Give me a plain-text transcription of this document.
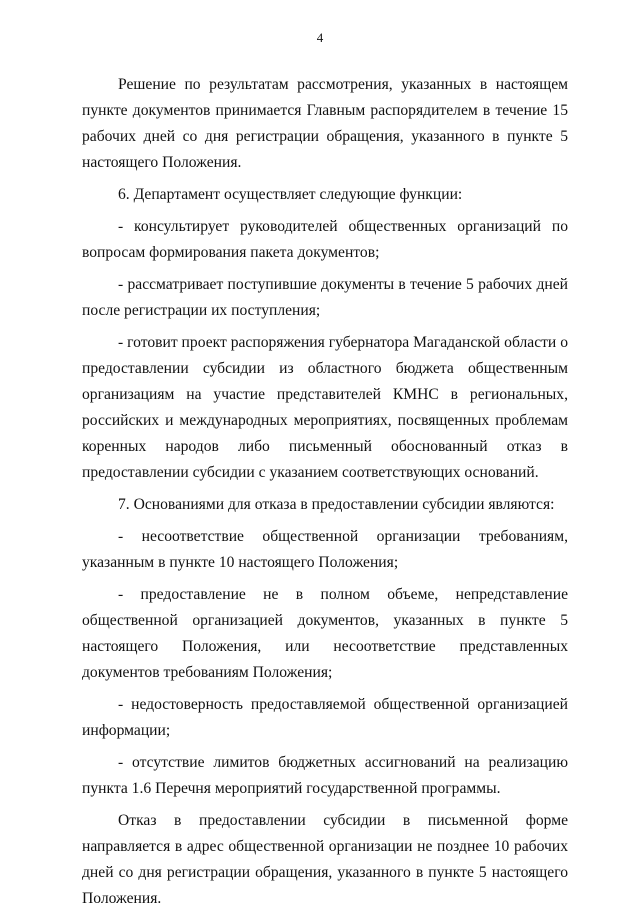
4

Решение по результатам рассмотрения, указанных в настоящем пункте документов принимается Главным распорядителем в течение 15 рабочих дней со дня регистрации обращения, указанного в пункте 5 настоящего Положения.

6. Департамент осуществляет следующие функции:

- консультирует руководителей общественных организаций по вопросам формирования пакета документов;

- рассматривает поступившие документы в течение 5 рабочих дней после регистрации их поступления;

- готовит проект распоряжения губернатора Магаданской области о предоставлении субсидии из областного бюджета общественным организациям на участие представителей КМНС в региональных, российских и международных мероприятиях, посвященных проблемам коренных народов либо письменный обоснованный отказ в предоставлении субсидии с указанием соответствующих оснований.

7. Основаниями для отказа в предоставлении субсидии являются:

- несоответствие общественной организации требованиям, указанным в пункте 10 настоящего Положения;

- предоставление не в полном объеме, непредставление общественной организацией документов, указанных в пункте 5 настоящего Положения, или несоответствие представленных документов требованиям Положения;

- недостоверность предоставляемой общественной организацией информации;

- отсутствие лимитов бюджетных ассигнований на реализацию пункта 1.6 Перечня мероприятий государственной программы.

Отказ в предоставлении субсидии в письменной форме направляется в адрес общественной организации не позднее 10 рабочих дней со дня регистрации обращения, указанного в пункте 5 настоящего Положения.
